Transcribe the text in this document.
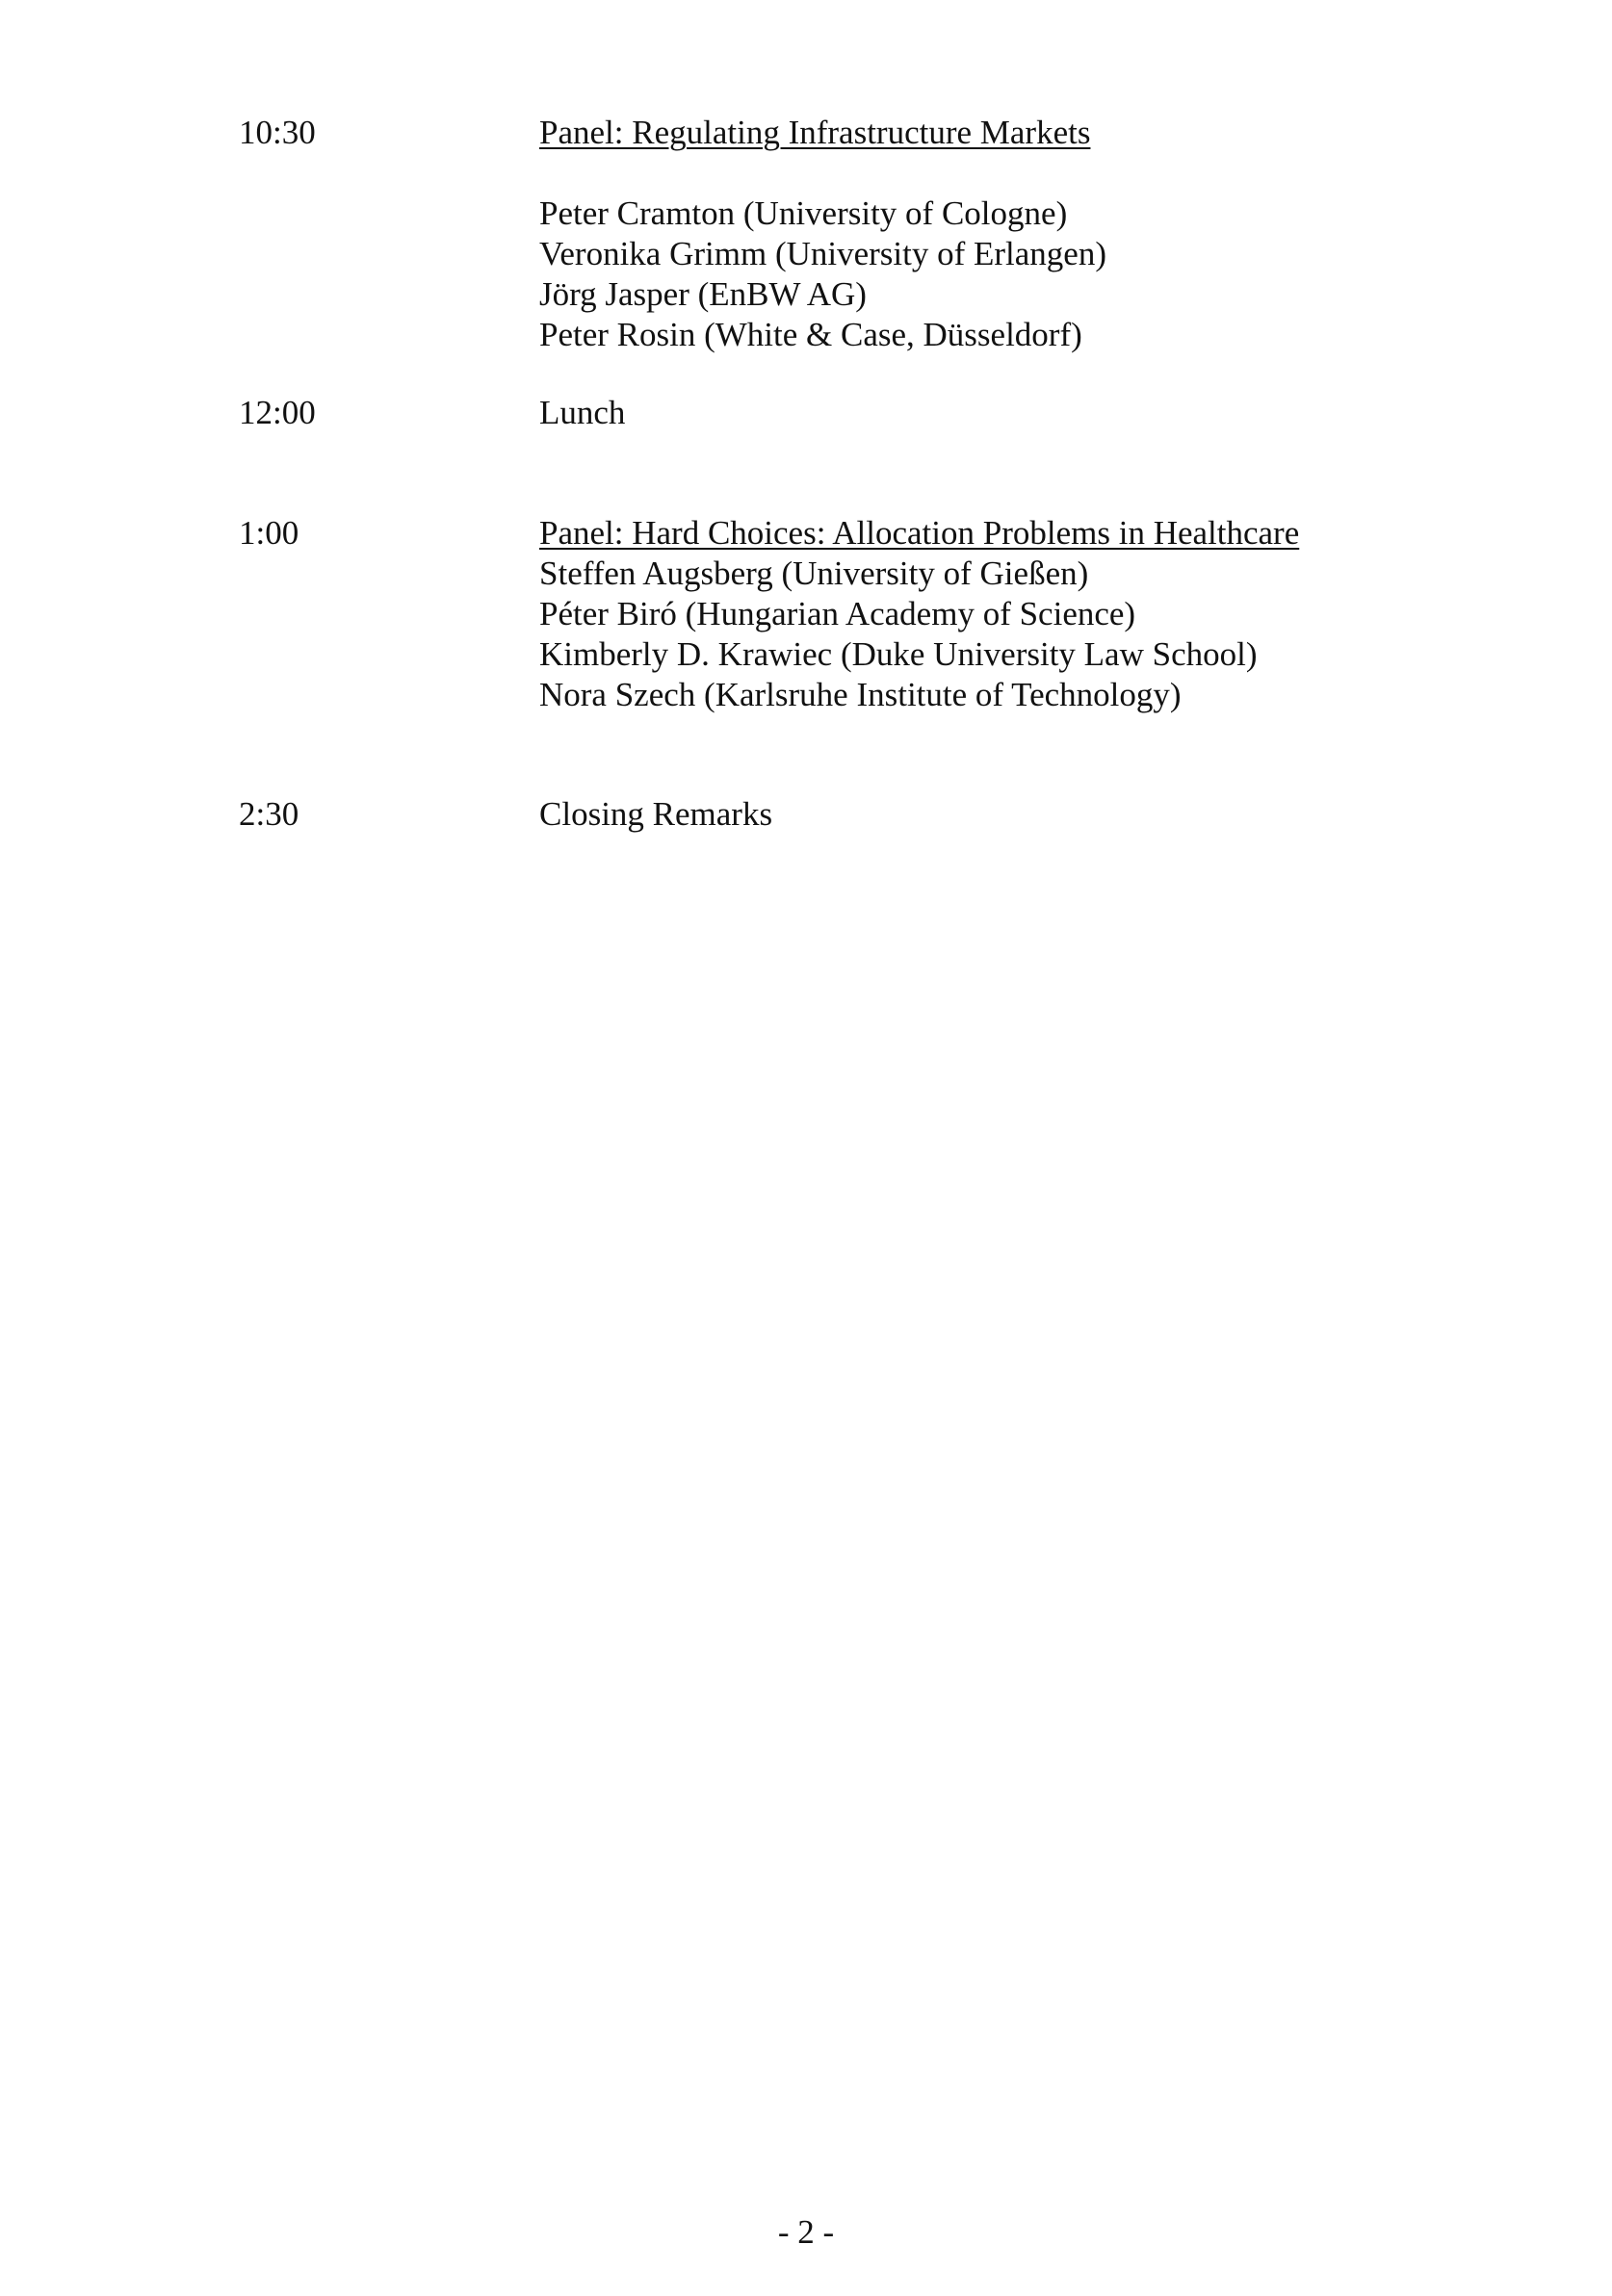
10:30	Panel: Regulating Infrastructure Markets
Peter Cramton (University of Cologne)
Veronika Grimm (University of Erlangen)
Jörg Jasper (EnBW AG)
Peter Rosin (White & Case, Düsseldorf)
12:00	Lunch
1:00	Panel: Hard Choices: Allocation Problems in Healthcare
Steffen Augsberg (University of Gießen)
Péter Biró (Hungarian Academy of Science)
Kimberly D. Krawiec (Duke University Law School)
Nora Szech (Karlsruhe Institute of Technology)
2:30	Closing Remarks
- 2 -
